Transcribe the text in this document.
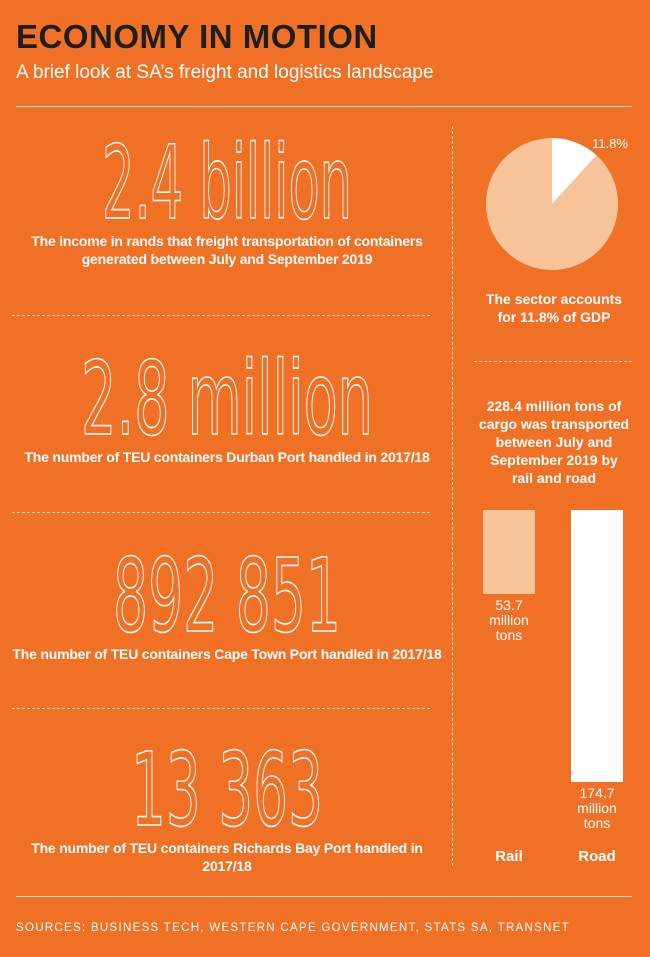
ECONOMY IN MOTION
A brief look at SA’s freight and logistics landscape
2.4 billion
The income in rands that freight transportation of containers
generated between July and September 2019
2.8 million
The number of TEU containers Durban Port handled in 2017/18
892 851
The number of TEU containers Cape Town Port handled in 2017/18
13 363
The number of TEU containers Richards Bay Port handled in 2017/18
11.8%
The sector accounts
for 11.8% of GDP
228.4 million tons of
cargo was transported
between July and
September 2019 by
rail and road
53.7
million
tons
174.7
million
tons
Rail	Road
SOURCES: BUSINESS TECH, WESTERN CAPE GOVERNMENT, STATS SA, TRANSNET
